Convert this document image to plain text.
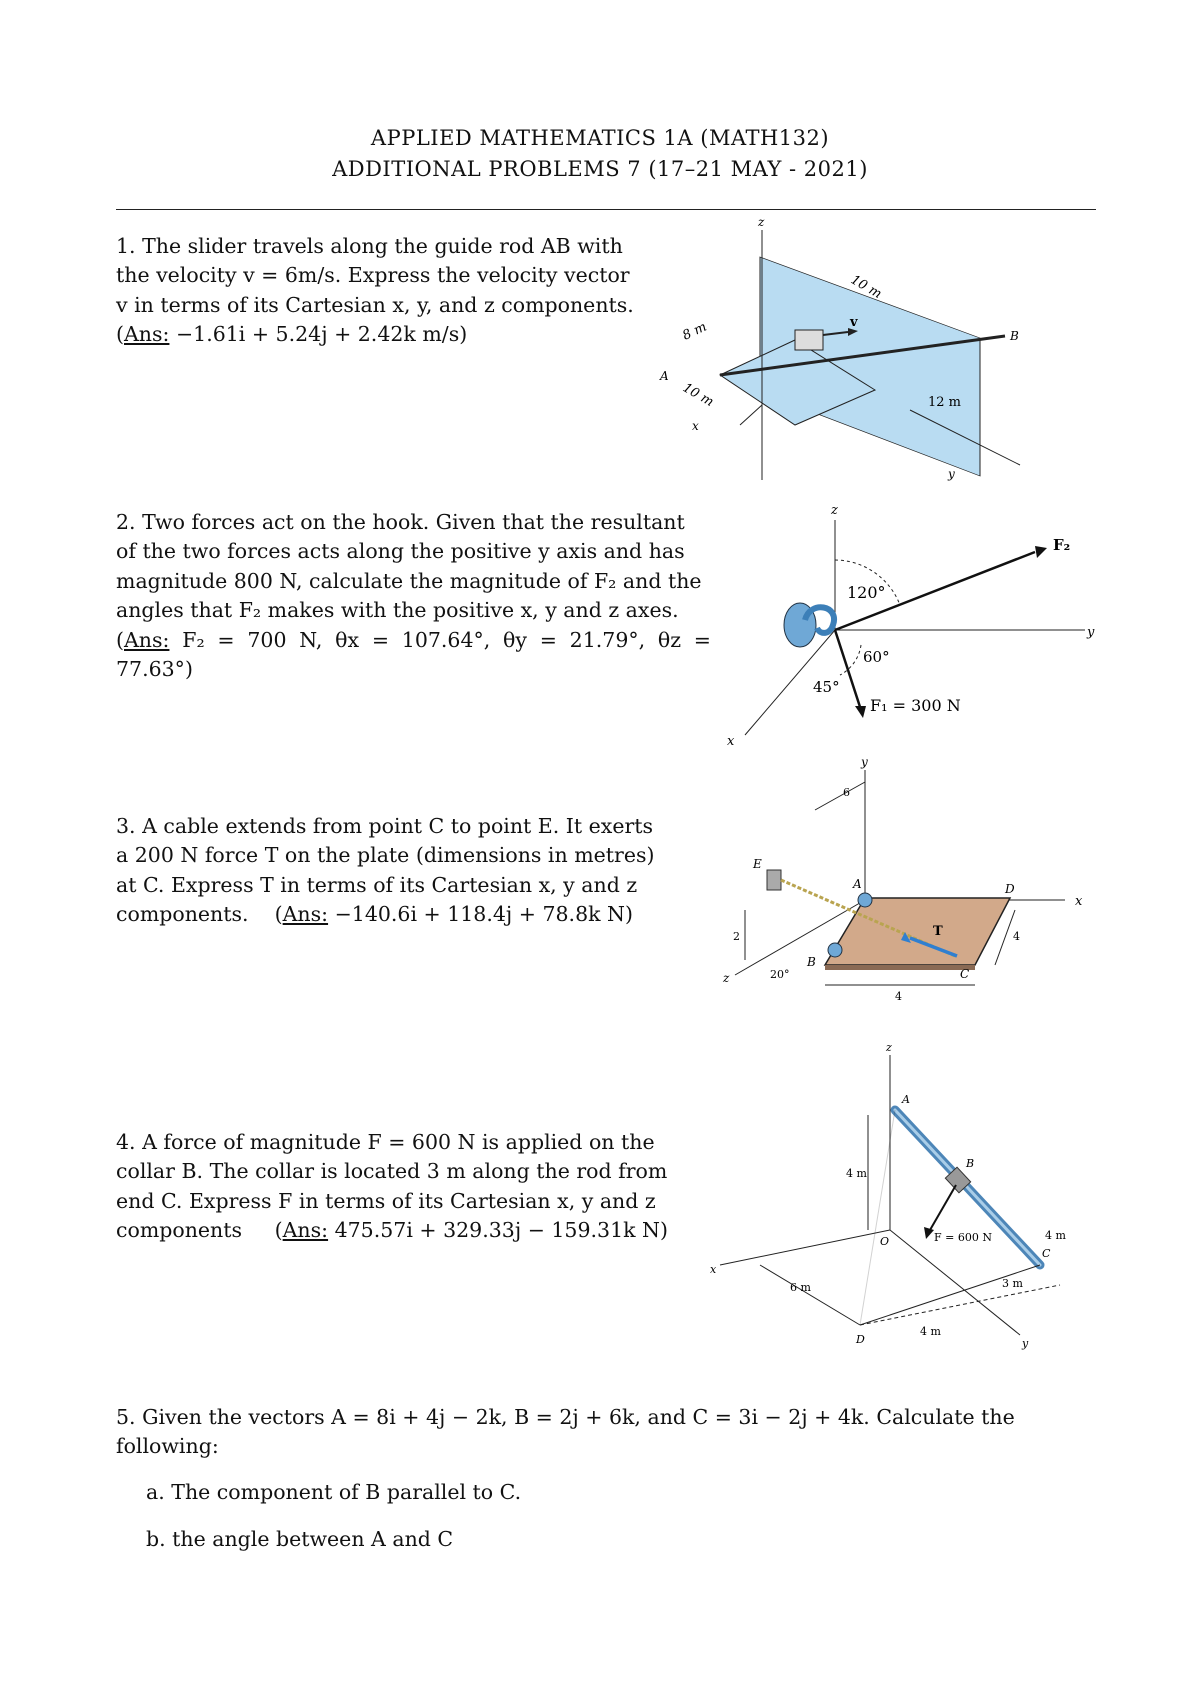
APPLIED MATHEMATICS 1A (MATH132)
ADDITIONAL PROBLEMS 7 (17–21 MAY - 2021)
1. The slider travels along the guide rod AB with
the velocity v = 6m/s. Express the velocity vector
v in terms of its Cartesian x, y, and z components.
(Ans: −1.61i + 5.24j + 2.42k m/s)
z
10 m
8 m
10 m	12 m
A
B
x
y
v
2. Two forces act on the hook. Given that the resultant
of the two forces acts along the positive y axis and has
magnitude 800 N, calculate the magnitude of F₂ and the
angles that F₂ makes with the positive x, y and z axes.
(Ans: F₂ = 700 N, θx = 107.64°, θy = 21.79°, θz = 77.63°)
z
x
y
F₂
120°
60°
45°
F₁ = 300 N
3. A cable extends from point C to point E. It exerts
a 200 N force T on the plate (dimensions in metres)
at C. Express T in terms of its Cartesian x, y and z
components.    (Ans: −140.6i + 118.4j + 78.8k N)
y
x
z
E
A
B
C
D
T
6
2
4
4
20°
4. A force of magnitude F = 600 N is applied on the
collar B. The collar is located 3 m along the rod from
end C. Express F in terms of its Cartesian x, y and z
components     (Ans: 475.57i + 329.33j − 159.31k N)
z
x
y
A
B
C
D
O	F = 600 N
4 m
4 m
3 m
6 m
4 m
5. Given the vectors A = 8i + 4j − 2k, B = 2j + 6k, and C = 3i − 2j + 4k. Calculate the
following:
a. The component of B parallel to C.
b. the angle between A and C
